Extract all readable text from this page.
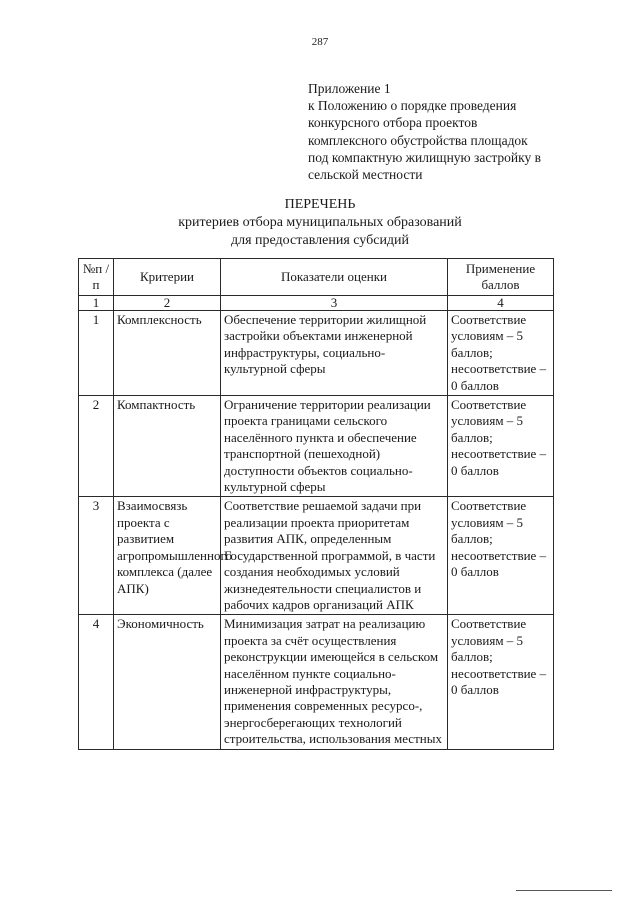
287
Приложение 1
к Положению о порядке проведения
конкурсного отбора проектов
комплексного обустройства площадок
под компактную жилищную застройку в
сельской местности
ПЕРЕЧЕНЬ
критериев отбора муниципальных образований
для предоставления субсидий
№п /п	Критерии	Показатели оценки	Применение баллов
1	2	3	4
1	Комплексность	Обеспечение территории жилищной застройки объектами инженерной инфраструктуры, социально-культурной сферы	Соответствие условиям – 5 баллов; несоответствие – 0 баллов
2	Компактность	Ограничение территории реализации проекта границами сельского населённого пункта и обеспечение транспортной (пешеходной) доступности объектов социально- культурной сферы	Соответствие условиям – 5 баллов; несоответствие – 0 баллов
3	Взаимосвязь проекта с развитием агропромышленного комплекса (далее АПК)	Соответствие решаемой задачи при реализации проекта приоритетам развития АПК, определенным Государственной программой, в части создания необходимых условий жизнедеятельности специалистов и рабочих кадров организаций АПК	Соответствие условиям – 5 баллов; несоответствие – 0 баллов
4	Экономичность	Минимизация затрат на реализацию проекта за счёт осуществления реконструкции имеющейся в сельском населённом пункте социально-инженерной инфраструктуры, применения современных ресурсо-, энергосберегающих технологий строительства, использования местных	Соответствие условиям – 5 баллов; несоответствие – 0 баллов
